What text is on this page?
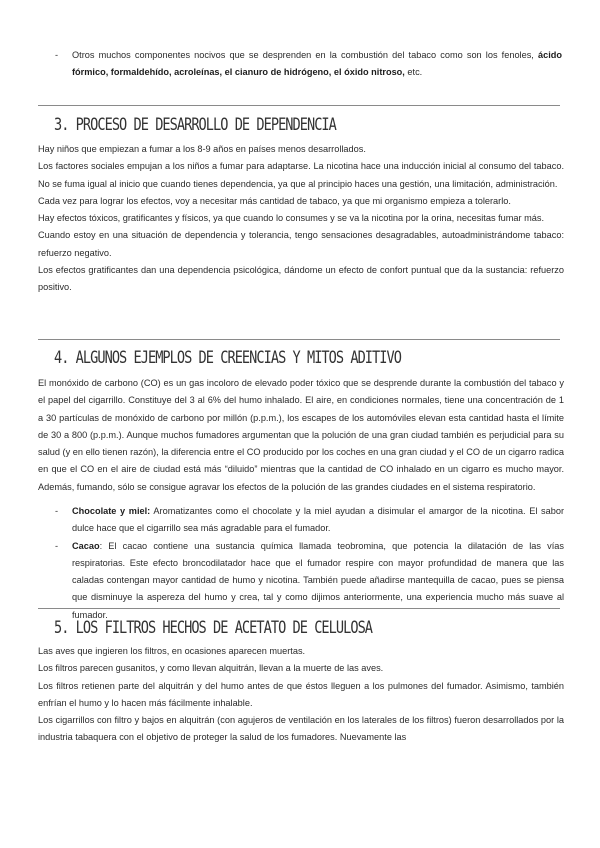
- Otros muchos componentes nocivos que se desprenden en la combustión del tabaco como son los fenoles, ácido fórmico, formaldehído, acroleínas, el cianuro de hidrógeno, el óxido nitroso, etc.
3. PROCESO DE DESARROLLO DE DEPENDENCIA

Hay niños que empiezan a fumar a los 8-9 años en países menos desarrollados.

Los factores sociales empujan a los niños a fumar para adaptarse. La nicotina hace una inducción inicial al consumo del tabaco. No se fuma igual al inicio que cuando tienes dependencia, ya que al principio haces una gestión, una limitación, administración.

Cada vez para lograr los efectos, voy a necesitar más cantidad de tabaco, ya que mi organismo empieza a tolerarlo.

Hay efectos tóxicos, gratificantes y físicos, ya que cuando lo consumes y se va la nicotina por la orina, necesitas fumar más.

Cuando estoy en una situación de dependencia y tolerancia, tengo sensaciones desagradables, autoadministrándome tabaco: refuerzo negativo.

Los efectos gratificantes dan una dependencia psicológica, dándome un efecto de confort puntual que da la sustancia: refuerzo positivo.

4. ALGUNOS EJEMPLOS DE CREENCIAS Y MITOS ADITIVO

El monóxido de carbono (CO) es un gas incoloro de elevado poder tóxico que se desprende durante la combustión del tabaco y el papel del cigarrillo. Constituye del 3 al 6% del humo inhalado. El aire, en condiciones normales, tiene una concentración de 1 a 30 partículas de monóxido de carbono por millón (p.p.m.), los escapes de los automóviles elevan esta cantidad hasta el límite de 30 a 800 (p.p.m.). Aunque muchos fumadores argumentan que la polución de una gran ciudad también es perjudicial para su salud (y en ello tienen razón), la diferencia entre el CO producido por los coches en una gran ciudad y el CO de un cigarro radica en que el CO en el aire de ciudad está más “diluido” mientras que la cantidad de CO inhalado en un cigarro es mucho mayor. Además, fumando, sólo se consigue agravar los efectos de la polución de las grandes ciudades en el sistema respiratorio.

- Chocolate y miel: Aromatizantes como el chocolate y la miel ayudan a disimular el amargor de la nicotina. El sabor dulce hace que el cigarrillo sea más agradable para el fumador.
- Cacao: El cacao contiene una sustancia química llamada teobromina, que potencia la dilatación de las vías respiratorias. Este efecto broncodilatador hace que el fumador respire con mayor profundidad de manera que las caladas contengan mayor cantidad de humo y nicotina. También puede añadirse mantequilla de cacao, pues se piensa que disminuye la aspereza del humo y crea, tal y como dijimos anteriormente, una experiencia mucho más suave al fumador.
5. LOS FILTROS HECHOS DE ACETATO DE CELULOSA

Las aves que ingieren los filtros, en ocasiones aparecen muertas.

Los filtros parecen gusanitos, y como llevan alquitrán, llevan a la muerte de las aves.

Los filtros retienen parte del alquitrán y del humo antes de que éstos lleguen a los pulmones del fumador. Asimismo, también enfrían el humo y lo hacen más fácilmente inhalable.

Los cigarrillos con filtro y bajos en alquitrán (con agujeros de ventilación en los laterales de los filtros) fueron desarrollados por la industria tabaquera con el objetivo de proteger la salud de los fumadores. Nuevamente las
